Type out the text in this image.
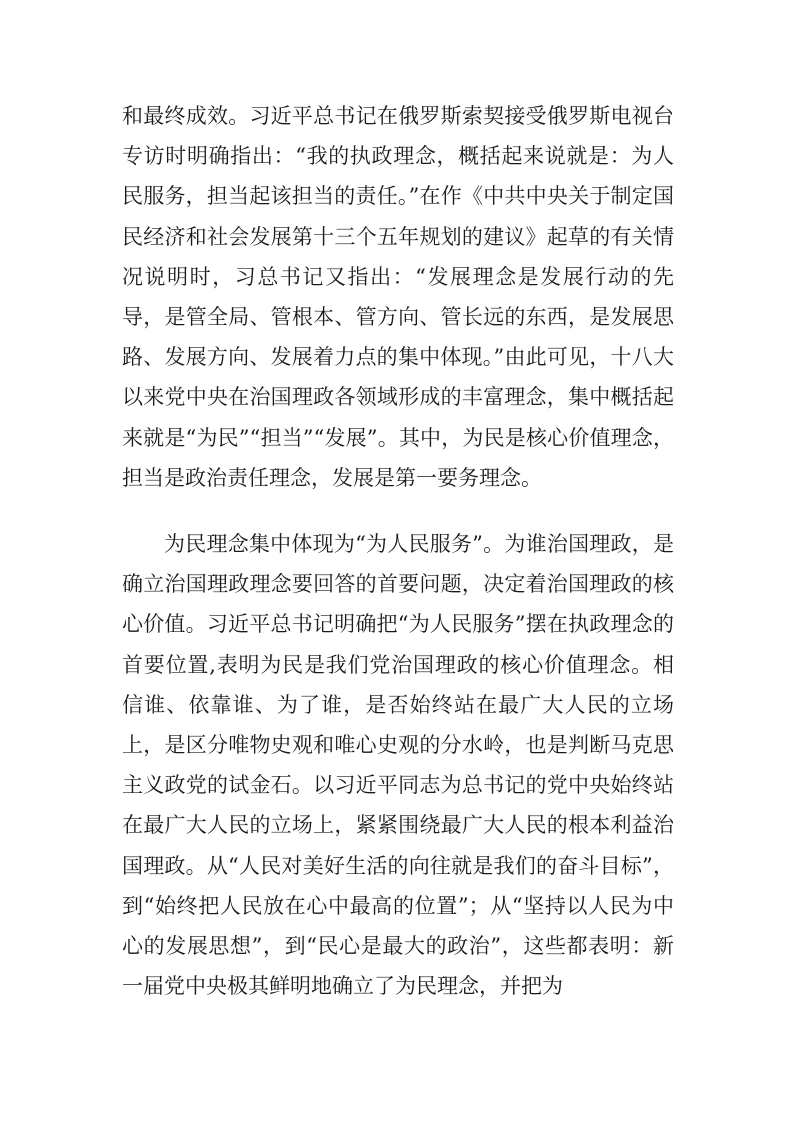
和最终成效。习近平总书记在俄罗斯索契接受俄罗斯电视台专访时明确指出：“我的执政理念，概括起来说就是：为人民服务，担当起该担当的责任。”在作《中共中央关于制定国民经济和社会发展第十三个五年规划的建议》起草的有关情况说明时，习总书记又指出：“发展理念是发展行动的先导，是管全局、管根本、管方向、管长远的东西，是发展思路、发展方向、发展着力点的集中体现。”由此可见，十八大以来党中央在治国理政各领域形成的丰富理念，集中概括起来就是“为民”“担当”“发展”。其中，为民是核心价值理念，担当是政治责任理念，发展是第一要务理念。

为民理念集中体现为“为人民服务”。为谁治国理政，是确立治国理政理念要回答的首要问题，决定着治国理政的核心价值。习近平总书记明确把“为人民服务”摆在执政理念的首要位置,表明为民是我们党治国理政的核心价值理念。相信谁、依靠谁、为了谁，是否始终站在最广大人民的立场上，是区分唯物史观和唯心史观的分水岭，也是判断马克思主义政党的试金石。以习近平同志为总书记的党中央始终站在最广大人民的立场上，紧紧围绕最广大人民的根本利益治国理政。从“人民对美好生活的向往就是我们的奋斗目标”，到“始终把人民放在心中最高的位置”；从“坚持以人民为中心的发展思想”，到“民心是最大的政治”，这些都表明：新一届党中央极其鲜明地确立了为民理念，并把为
